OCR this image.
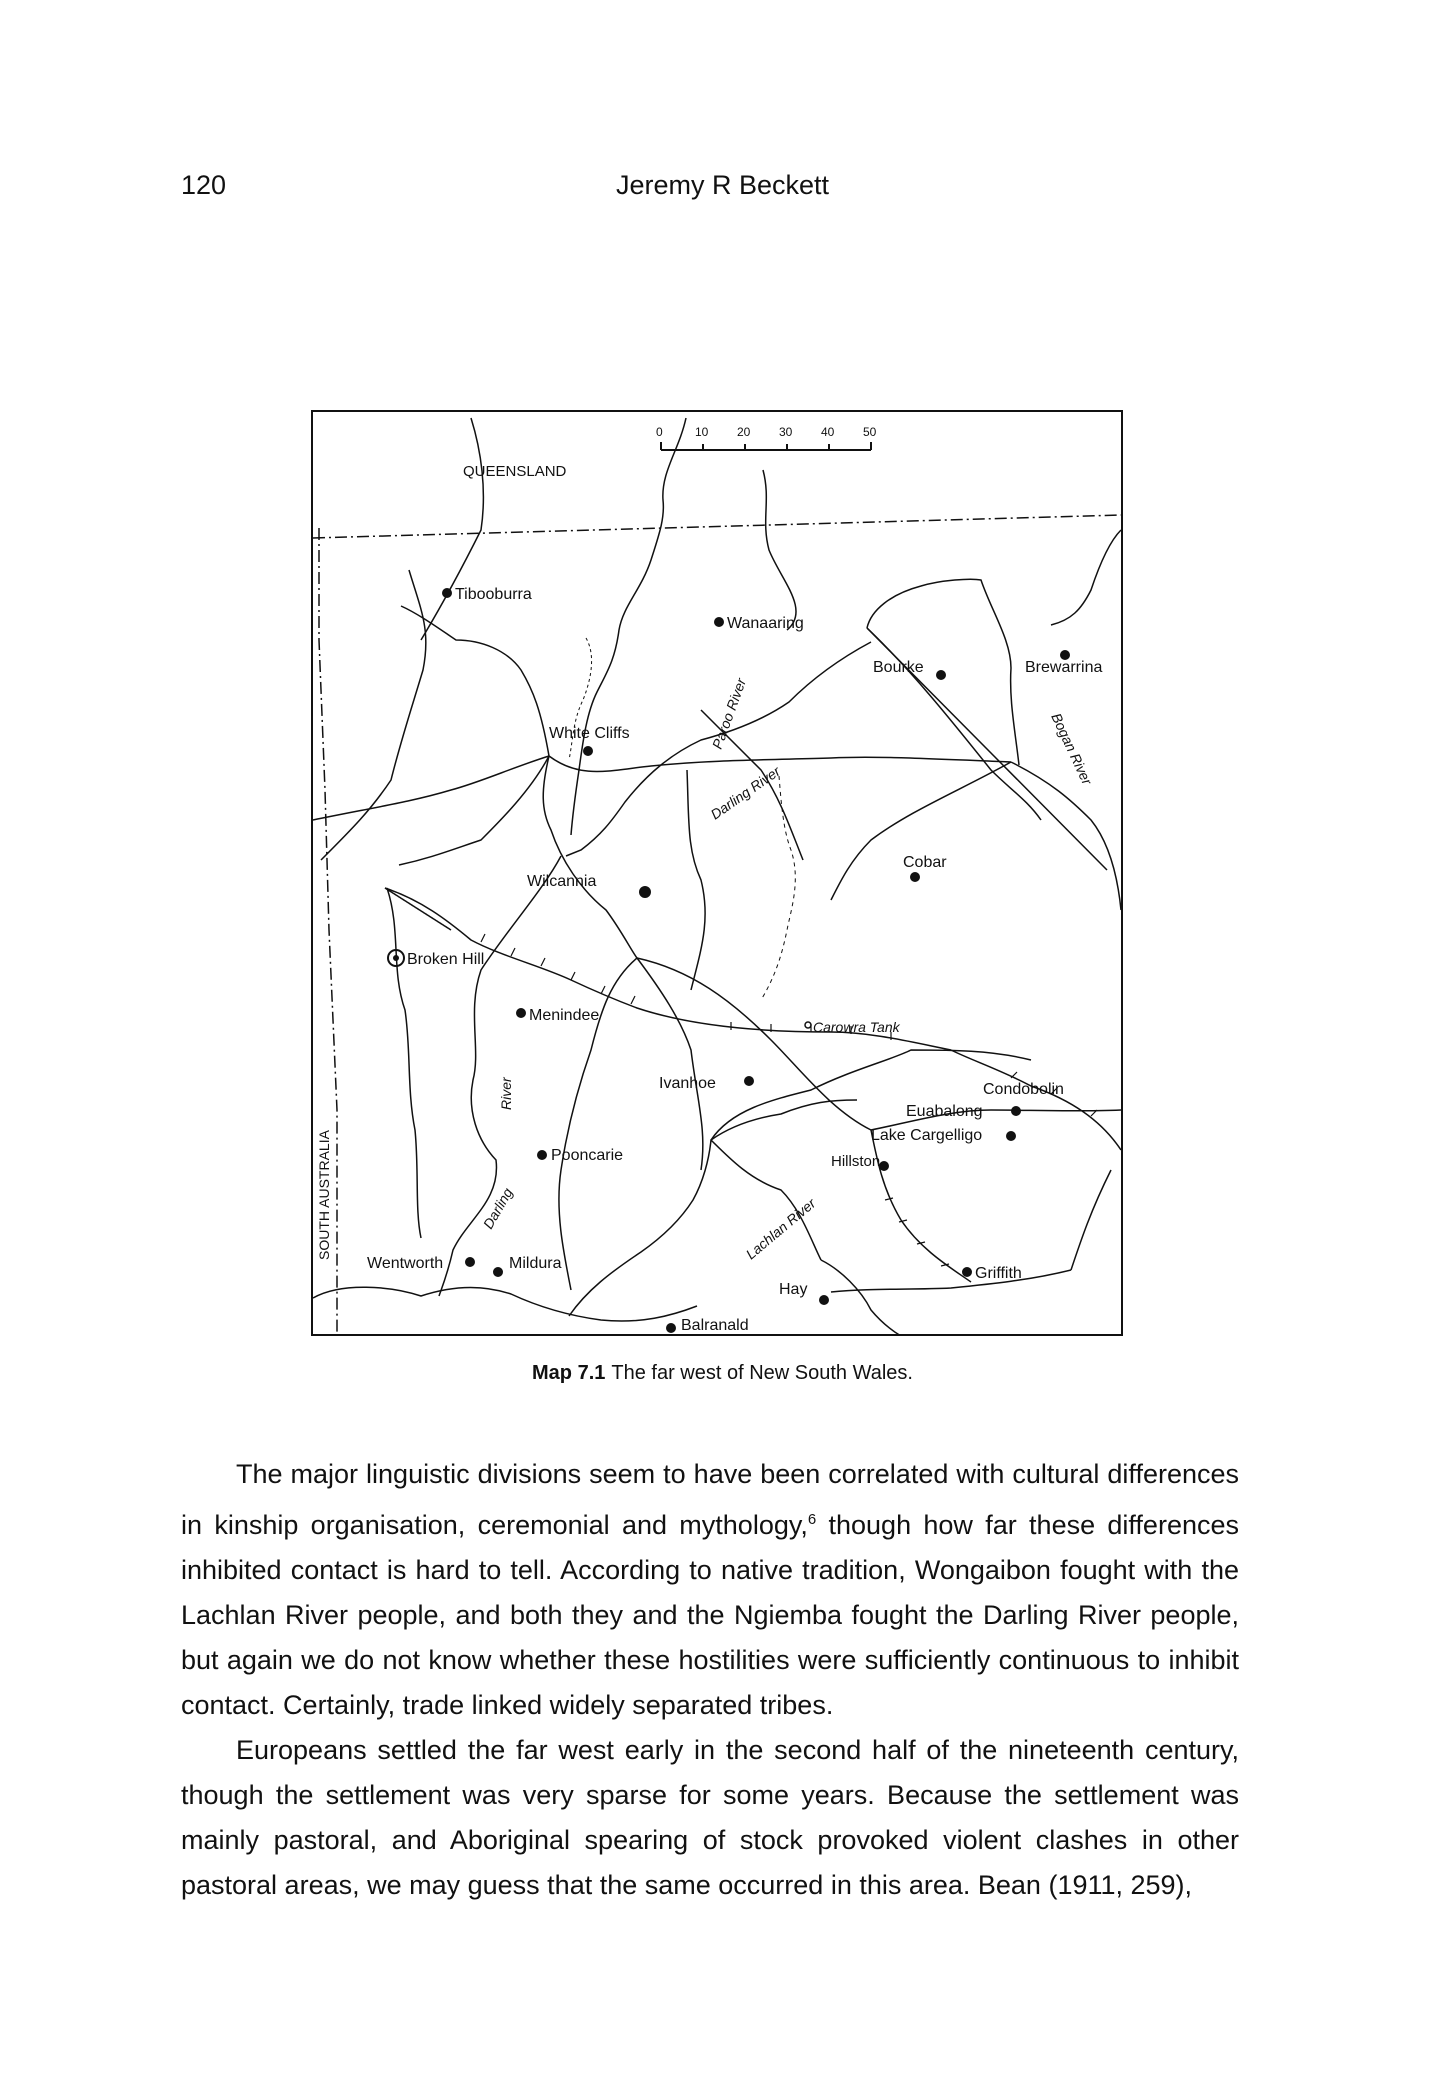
120	Jeremy R Beckett
0	10 20 30 40 50
QUEENSLAND
SOUTH AUSTRALIA
Tibooburra
Wanaaring
Bourke	Brewarrina
White Cliffs
Wilcannia
Cobar
Broken Hill
Menindee
Carowra Tank
Ivanhoe	Condobolin
Euabalong
Lake Cargelligo
Hillston
Pooncarie
Wentworth	Mildura
Griffith
Hay
Balranald
Paroo River
Darling River
Bogan River
Lachlan River
Darling
River
Map 7.1 The far west of New South Wales.

The major linguistic divisions seem to have been correlated with cultural differences in kinship organisation, ceremonial and mythology,$^6$ though how far these differences inhibited contact is hard to tell. According to native tradition, Wongaibon fought with the Lachlan River people, and both they and the Ngiemba fought the Darling River people, but again we do not know whether these hostilities were sufficiently continuous to inhibit contact. Certainly, trade linked widely separated tribes.

Europeans settled the far west early in the second half of the nineteenth century, though the settlement was very sparse for some years. Because the settlement was mainly pastoral, and Aboriginal spearing of stock provoked violent clashes in other pastoral areas, we may guess that the same occurred in this area. Bean (1911, 259),
